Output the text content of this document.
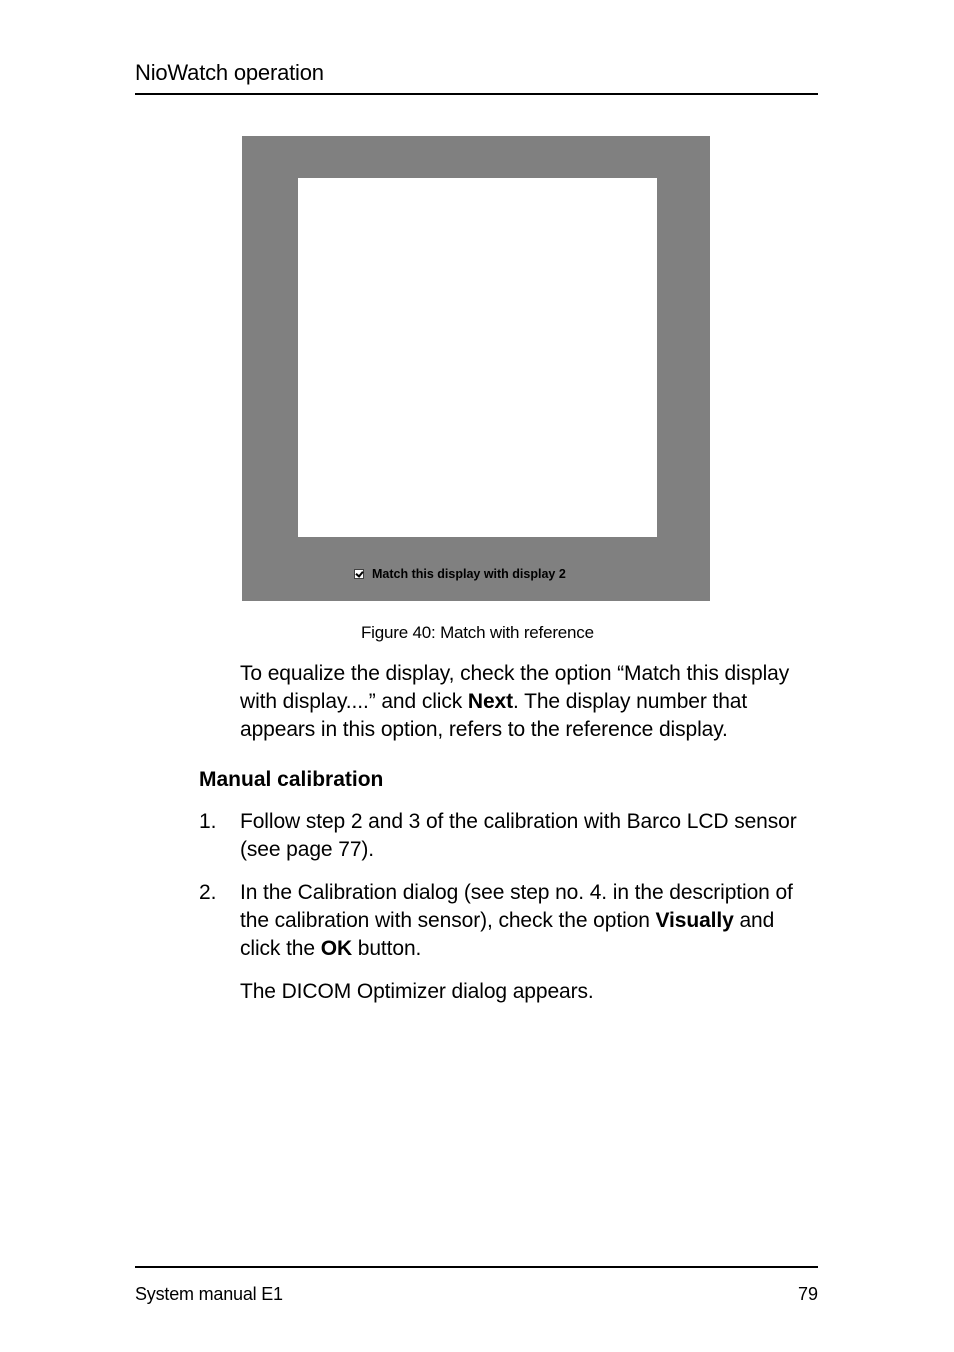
NioWatch operation
Match this display with display 2
Figure 40: Match with reference
To equalize the display, check the option “Match this display with display....” and click Next. The display number that appears in this option, refers to the reference display.
Manual calibration
1. Follow step 2 and 3 of the calibration with Barco LCD sensor (see page 77).
2. In the Calibration dialog (see step no. 4. in the description of the calibration with sensor), check the option Visually and click the OK button.
The DICOM Optimizer dialog appears.
System manual E1	79
